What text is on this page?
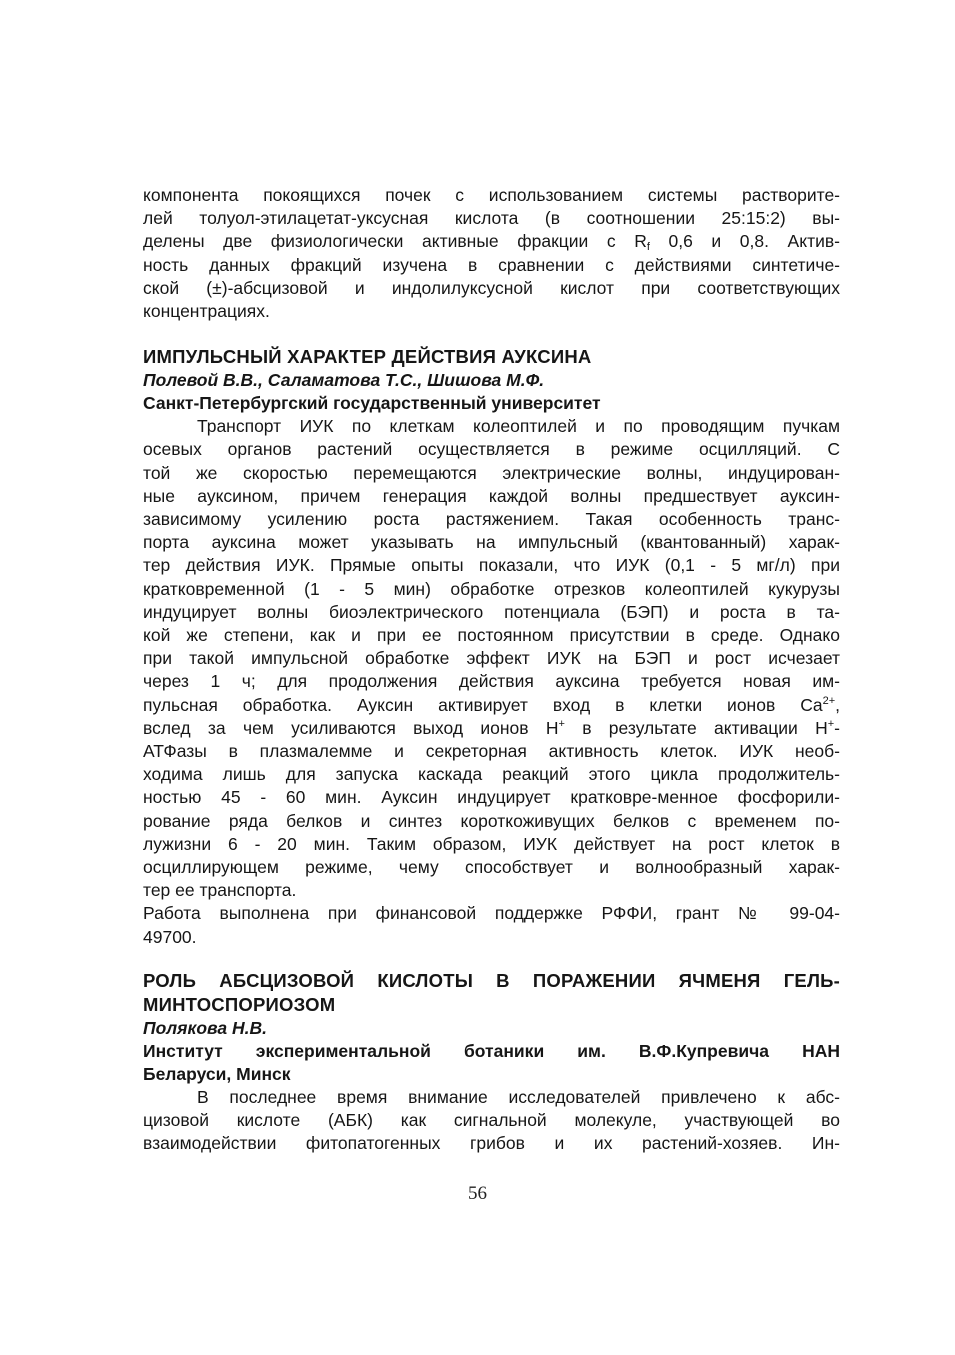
компонента покоящихся почек с использованием системы растворите-
лей толуол-этилацетат-уксусная кислота (в соотношении 25:15:2) вы-
делены две физиологически активные фракции с $R_f$ 0,6 и 0,8. Актив-
ность данных фракций изучена в сравнении с действиями синтетиче-
ской (±)-абсцизовой и индолилуксусной кислот при соответствующих
концентрациях.

ИМПУЛЬСНЫЙ ХАРАКТЕР ДЕЙСТВИЯ АУКСИНА

Полевой В.В., Саламатова Т.С., Шишова М.Ф.

Санкт-Петербургский государственный университет

Транспорт ИУК по клеткам колеоптилей и по проводящим пучкам
осевых органов растений осуществляется в режиме осцилляций. С
той же скоростью перемещаются электрические волны, индуцирован-
ные ауксином, причем генерация каждой волны предшествует ауксин-
зависимому усилению роста растяжением. Такая особенность транс-
порта ауксина может указывать на импульсный (квантованный) харак-
тер действия ИУК. Прямые опыты показали, что ИУК (0,1 - 5 мг/л) при
кратковременной (1 - 5 мин) обработке отрезков колеоптилей кукурузы
индуцирует волны биоэлектрического потенциала (БЭП) и роста в та-
кой же степени, как и при ее постоянном присутствии в среде. Однако
при такой импульсной обработке эффект ИУК на БЭП и рост исчезает
через 1 ч; для продолжения действия ауксина требуется новая им-
пульсная обработка. Ауксин активирует вход в клетки ионов $Ca^{2+}$,
вслед за чем усиливаются выход ионов H+ в результате активации H+-
АТФазы в плазмалемме и секреторная активность клеток. ИУК необ-
ходима лишь для запуска каскада реакций этого цикла продолжитель-
ностью 45 - 60 мин. Ауксин индуцирует кратковре-менное фосфорили-
рование ряда белков и синтез короткоживущих белков с временем по-
лужизни 6 - 20 мин. Таким образом, ИУК действует на рост клеток в
осциллирующем режиме, чему способствует и волнообразный харак-
тер ее транспорта.

Работа выполнена при финансовой поддержке РФФИ, грант № 99-04-
49700.

РОЛЬ АБСЦИЗОВОЙ КИСЛОТЫ В ПОРАЖЕНИИ ЯЧМЕНЯ ГЕЛЬ-
МИНТОСПОРИОЗОМ

Полякова Н.В.

Институт экспериментальной ботаники им. В.Ф.Купревича НАН
Беларуси, Минск

В последнее время внимание исследователей привлечено к абс-
цизовой кислоте (АБК) как сигнальной молекуле, участвующей во
взаимодействии фитопатогенных грибов и их растений-хозяев. Ин-

56
